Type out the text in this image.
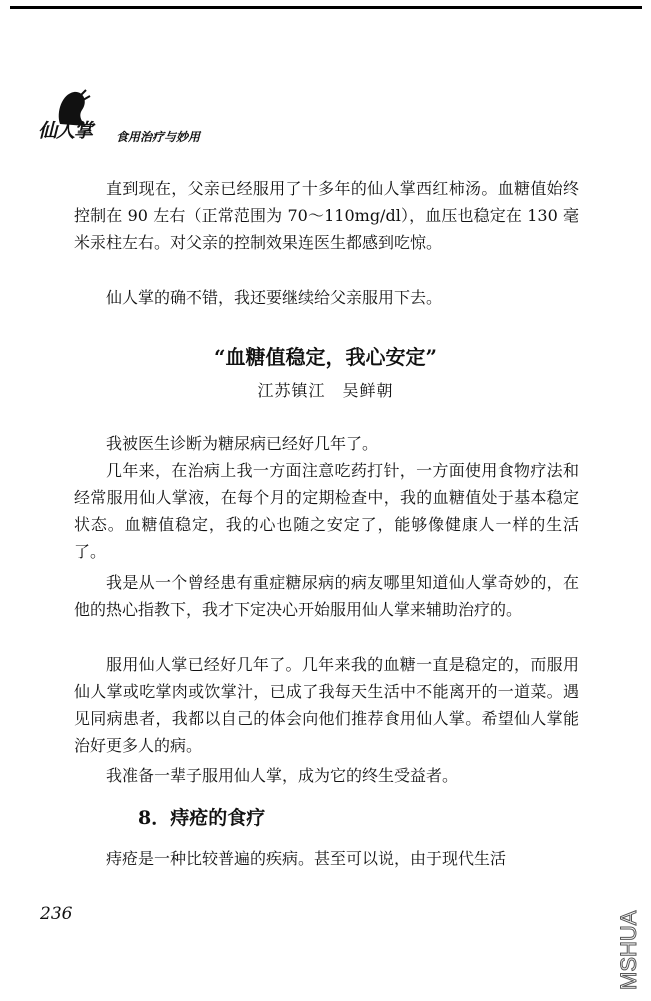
仙人掌 食用治疗与妙用

直到现在，父亲已经服用了十多年的仙人掌西红柿汤。血糖值始终控制在 90 左右（正常范围为 70～110mg/dl），血压也稳定在 130 毫米汞柱左右。对父亲的控制效果连医生都感到吃惊。

仙人掌的确不错，我还要继续给父亲服用下去。

“血糖值稳定，我心安定”

江苏镇江　吴鲜朝

我被医生诊断为糖尿病已经好几年了。

几年来，在治病上我一方面注意吃药打针，一方面使用食物疗法和经常服用仙人掌液，在每个月的定期检查中，我的血糖值处于基本稳定状态。血糖值稳定，我的心也随之安定了，能够像健康人一样的生活了。

我是从一个曾经患有重症糖尿病的病友哪里知道仙人掌奇妙的，在他的热心指教下，我才下定决心开始服用仙人掌来辅助治疗的。

服用仙人掌已经好几年了。几年来我的血糖一直是稳定的，而服用仙人掌或吃掌肉或饮掌汁，已成了我每天生活中不能离开的一道菜。遇见同病患者，我都以自己的体会向他们推荐食用仙人掌。希望仙人掌能治好更多人的病。

我准备一辈子服用仙人掌，成为它的终生受益者。

8．痔疮的食疗

痔疮是一种比较普遍的疾病。甚至可以说，由于现代生活

236	MSHUA
